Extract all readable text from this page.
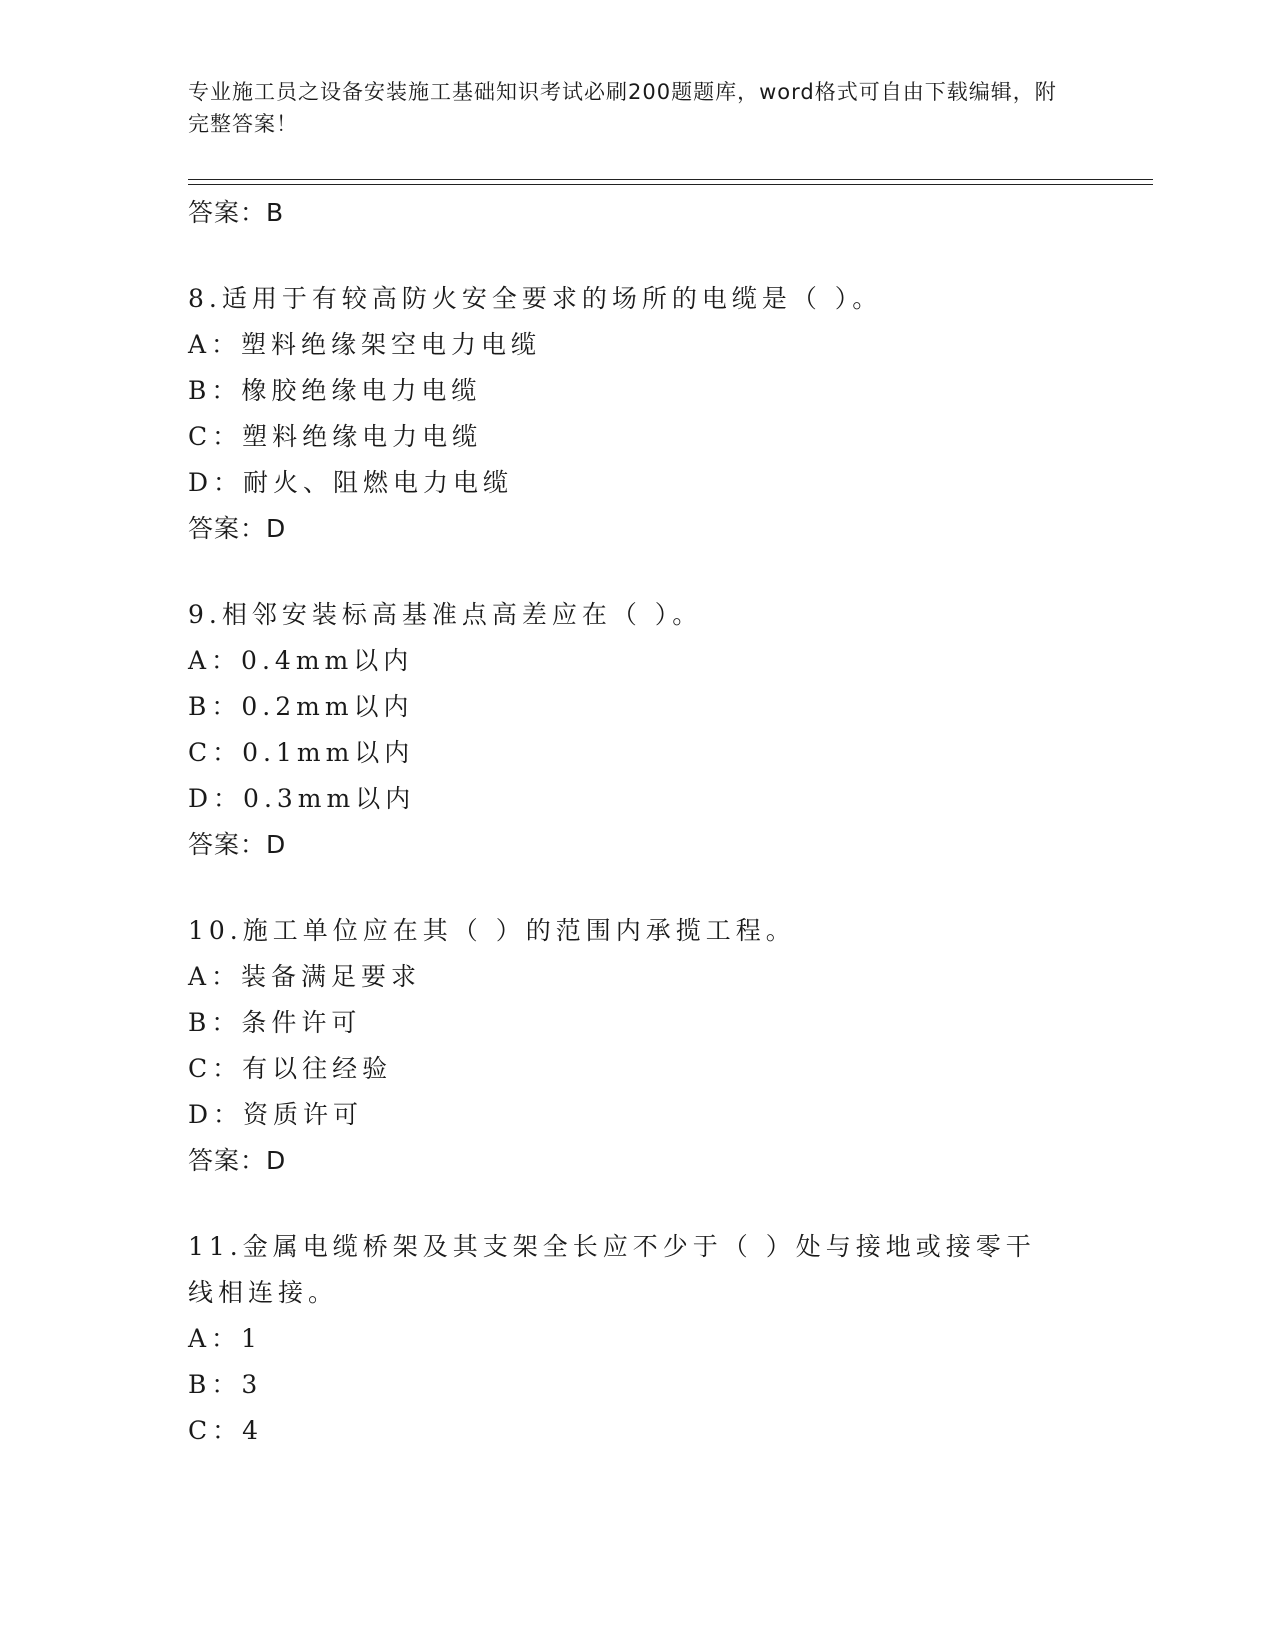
专业施工员之设备安装施工基础知识考试必刷200题题库，word格式可自由下载编辑，附完整答案！
答案：B
8.适用于有较高防火安全要求的场所的电缆是（ ）。
A：塑料绝缘架空电力电缆
B：橡胶绝缘电力电缆
C：塑料绝缘电力电缆
D：耐火、阻燃电力电缆
答案：D
9.相邻安装标高基准点高差应在（ ）。
A：0.4mm以内
B：0.2mm以内
C：0.1mm以内
D：0.3mm以内
答案：D
10.施工单位应在其（ ）的范围内承揽工程。
A：装备满足要求
B：条件许可
C：有以往经验
D：资质许可
答案：D
11.金属电缆桥架及其支架全长应不少于（ ）处与接地或接零干线相连接。
A：1
B：3
C：4
